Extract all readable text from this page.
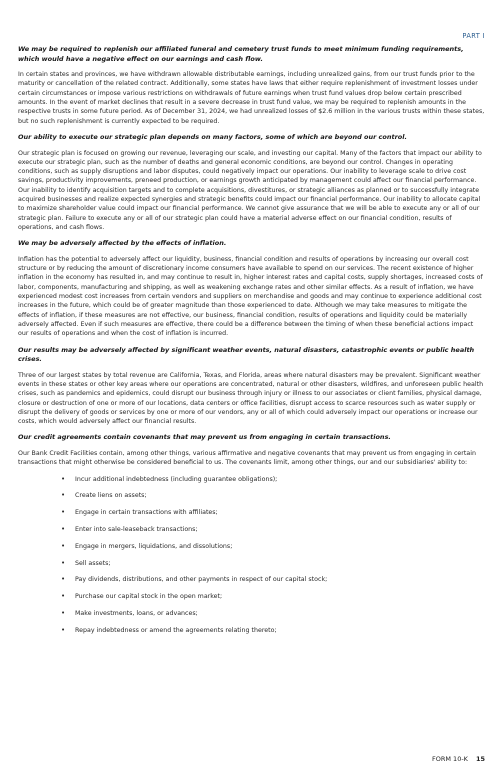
PART I

We may be required to replenish our affiliated funeral and cemetery trust funds to meet minimum funding requirements, which would have a negative effect on our earnings and cash flow.

In certain states and provinces, we have withdrawn allowable distributable earnings, including unrealized gains, from our trust funds prior to the maturity or cancellation of the related contract. Additionally, some states have laws that either require replenishment of investment losses under certain circumstances or impose various restrictions on withdrawals of future earnings when trust fund values drop below certain prescribed amounts. In the event of market declines that result in a severe decrease in trust fund value, we may be required to replenish amounts in the respective trusts in some future period. As of December 31, 2024, we had unrealized losses of $2.6 million in the various trusts within these states, but no such replenishment is currently expected to be required.

Our ability to execute our strategic plan depends on many factors, some of which are beyond our control.

Our strategic plan is focused on growing our revenue, leveraging our scale, and investing our capital. Many of the factors that impact our ability to execute our strategic plan, such as the number of deaths and general economic conditions, are beyond our control. Changes in operating conditions, such as supply disruptions and labor disputes, could negatively impact our operations. Our inability to leverage scale to drive cost savings, productivity improvements, preneed production, or earnings growth anticipated by management could affect our financial performance. Our inability to identify acquisition targets and to complete acquisitions, divestitures, or strategic alliances as planned or to successfully integrate acquired businesses and realize expected synergies and strategic benefits could impact our financial performance. Our inability to allocate capital to maximize shareholder value could impact our financial performance. We cannot give assurance that we will be able to execute any or all of our strategic plan. Failure to execute any or all of our strategic plan could have a material adverse effect on our financial condition, results of operations, and cash flows.

We may be adversely affected by the effects of inflation.

Inflation has the potential to adversely affect our liquidity, business, financial condition and results of operations by increasing our overall cost structure or by reducing the amount of discretionary income consumers have available to spend on our services. The recent existence of higher inflation in the economy has resulted in, and may continue to result in, higher interest rates and capital costs, supply shortages, increased costs of labor, components, manufacturing and shipping, as well as weakening exchange rates and other similar effects. As a result of inflation, we have experienced modest cost increases from certain vendors and suppliers on merchandise and goods and may continue to experience additional cost increases in the future, which could be of greater magnitude than those experienced to date. Although we may take measures to mitigate the effects of inflation, if these measures are not effective, our business, financial condition, results of operations and liquidity could be materially adversely affected. Even if such measures are effective, there could be a difference between the timing of when these beneficial actions impact our results of operations and when the cost of inflation is incurred.

Our results may be adversely affected by significant weather events, natural disasters, catastrophic events or public health crises.

Three of our largest states by total revenue are California, Texas, and Florida, areas where natural disasters may be prevalent. Significant weather events in these states or other key areas where our operations are concentrated, natural or other disasters, wildfires, and unforeseen public health crises, such as pandemics and epidemics, could disrupt our business through injury or illness to our associates or client families, physical damage, closure or destruction of one or more of our locations, data centers or office facilities, disrupt access to scarce resources such as water supply or disrupt the delivery of goods or services by one or more of our vendors, any or all of which could adversely impact our operations or increase our costs, which would adversely affect our financial results.

Our credit agreements contain covenants that may prevent us from engaging in certain transactions.

Our Bank Credit Facilities contain, among other things, various affirmative and negative covenants that may prevent us from engaging in certain transactions that might otherwise be considered beneficial to us. The covenants limit, among other things, our and our subsidiaries' ability to:

• Incur additional indebtedness (including guarantee obligations);
• Create liens on assets;
• Engage in certain transactions with affiliates;
• Enter into sale-leaseback transactions;
• Engage in mergers, liquidations, and dissolutions;
• Sell assets;
• Pay dividends, distributions, and other payments in respect of our capital stock;
• Purchase our capital stock in the open market;
• Make investments, loans, or advances;
• Repay indebtedness or amend the agreements relating thereto;
FORM 10-K 15
